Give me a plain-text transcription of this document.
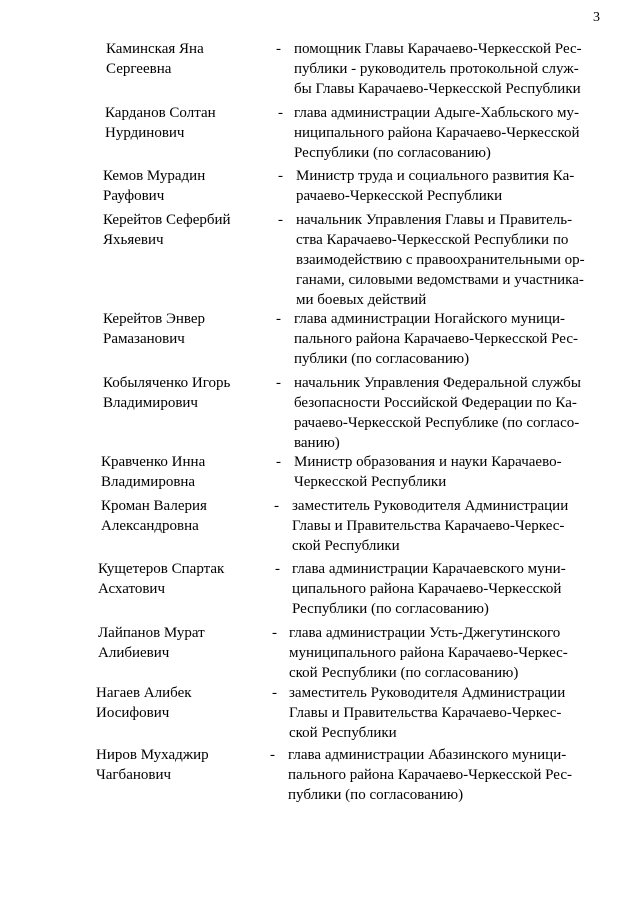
3
Каминская Яна
Сергеевна
- помощник Главы Карачаево-Черкесской Рес-
публики - руководитель протокольной служ-
бы Главы Карачаево-Черкесской Республики
Карданов Солтан
Нурдинович
- глава администрации Адыге-Хабльского му-
ниципального района Карачаево-Черкесской
Республики (по согласованию)
Кемов Мурадин
Рауфович
- Министр труда и социального развития Ка-
рачаево-Черкесской Республики
Керейтов Сефербий
Яхьяевич
- начальник Управления Главы и Правитель-
ства Карачаево-Черкесской Республики по
взаимодействию с правоохранительными ор-
ганами, силовыми ведомствами и участника-
ми боевых действий
Керейтов Энвер
Рамазанович
- глава администрации Ногайского муници-
пального района Карачаево-Черкесской Рес-
публики (по согласованию)
Кобыляченко Игорь
Владимирович
- начальник Управления Федеральной службы
безопасности Российской Федерации по Ка-
рачаево-Черкесской Республике (по согласо-
ванию)
Кравченко Инна
Владимировна
- Министр образования и науки Карачаево-
Черкесской Республики
Кроман Валерия
Александровна
- заместитель Руководителя Администрации
Главы и Правительства Карачаево-Черкес-
ской Республики
Кущетеров Спартак
Асхатович
- глава администрации Карачаевского муни-
ципального района Карачаево-Черкесской
Республики (по согласованию)
Лайпанов Мурат
Алибиевич
- глава администрации Усть-Джегутинского
муниципального района Карачаево-Черкес-
ской Республики (по согласованию)
Нагаев Алибек
Иосифович
- заместитель Руководителя Администрации
Главы и Правительства Карачаево-Черкес-
ской Республики
Ниров Мухаджир
Чагбанович
- глава администрации Абазинского муници-
пального района Карачаево-Черкесской Рес-
публики (по согласованию)
